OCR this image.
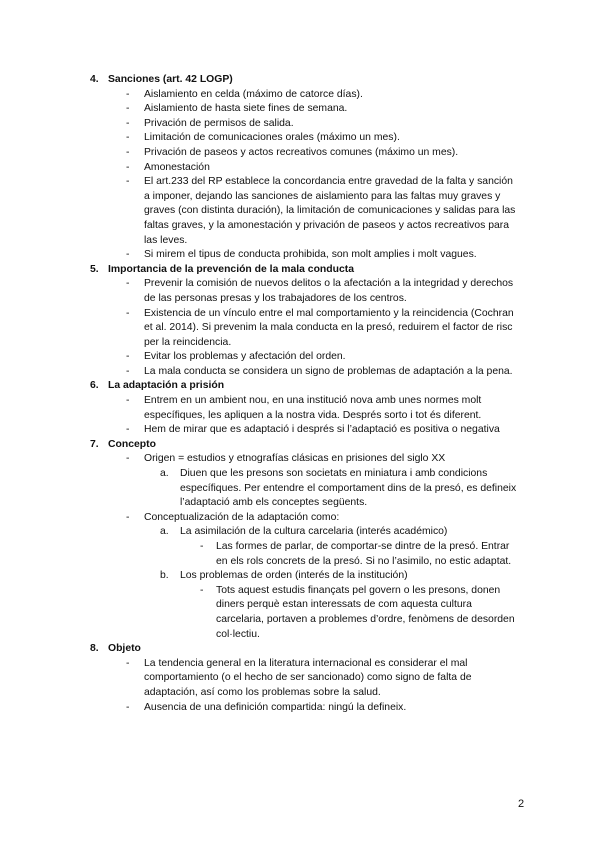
4. Sanciones (art. 42 LOGP)
- Aislamiento en celda (máximo de catorce días).
- Aislamiento de hasta siete fines de semana.
- Privación de permisos de salida.
- Limitación de comunicaciones orales (máximo un mes).
- Privación de paseos y actos recreativos comunes (máximo un mes).
- Amonestación
- El art.233 del RP establece la concordancia entre gravedad de la falta y sanción a imponer, dejando las sanciones de aislamiento para las faltas muy graves y graves (con distinta duración), la limitación de comunicaciones y salidas para las faltas graves, y la amonestación y privación de paseos y actos recreativos para las leves.
- Si mirem el tipus de conducta prohibida, son molt amplies i molt vagues.
5. Importancia de la prevención de la mala conducta
- Prevenir la comisión de nuevos delitos o la afectación a la integridad y derechos de las personas presas y los trabajadores de los centros.
- Existencia de un vínculo entre el mal comportamiento y la reincidencia (Cochran et al. 2014). Si prevenim la mala conducta en la presó, reduirem el factor de risc per la reincidencia.
- Evitar los problemas y afectación del orden.
- La mala conducta se considera un signo de problemas de adaptación a la pena.
6. La adaptación a prisión
- Entrem en un ambient nou, en una institució nova amb unes normes molt específiques, les apliquen a la nostra vida. Després sorto i tot és diferent.
- Hem de mirar que es adaptació i després si l’adaptació es positiva o negativa
7. Concepto
- Origen = estudios y etnografías clásicas en prisiones del siglo XX
a. Diuen que les presons son societats en miniatura i amb condicions específiques. Per entendre el comportament dins de la presó, es defineix l’adaptació amb els conceptes següents.
- Conceptualización de la adaptación como:
a. La asimilación de la cultura carcelaria (interés académico)
- Las formes de parlar, de comportar-se dintre de la presó. Entrar en els rols concrets de la presó. Si no l’asimilo, no estic adaptat.
b. Los problemas de orden (interés de la institución)
- Tots aquest estudis finançats pel govern o les presons, donen diners perquè estan interessats de com aquesta cultura carcelaria, portaven a problemes d’ordre, fenòmens de desorden col·lectiu.
8. Objeto
- La tendencia general en la literatura internacional es considerar el mal comportamiento (o el hecho de ser sancionado) como signo de falta de adaptación, así como los problemas sobre la salud.
- Ausencia de una definición compartida: ningú la defineix.
2
